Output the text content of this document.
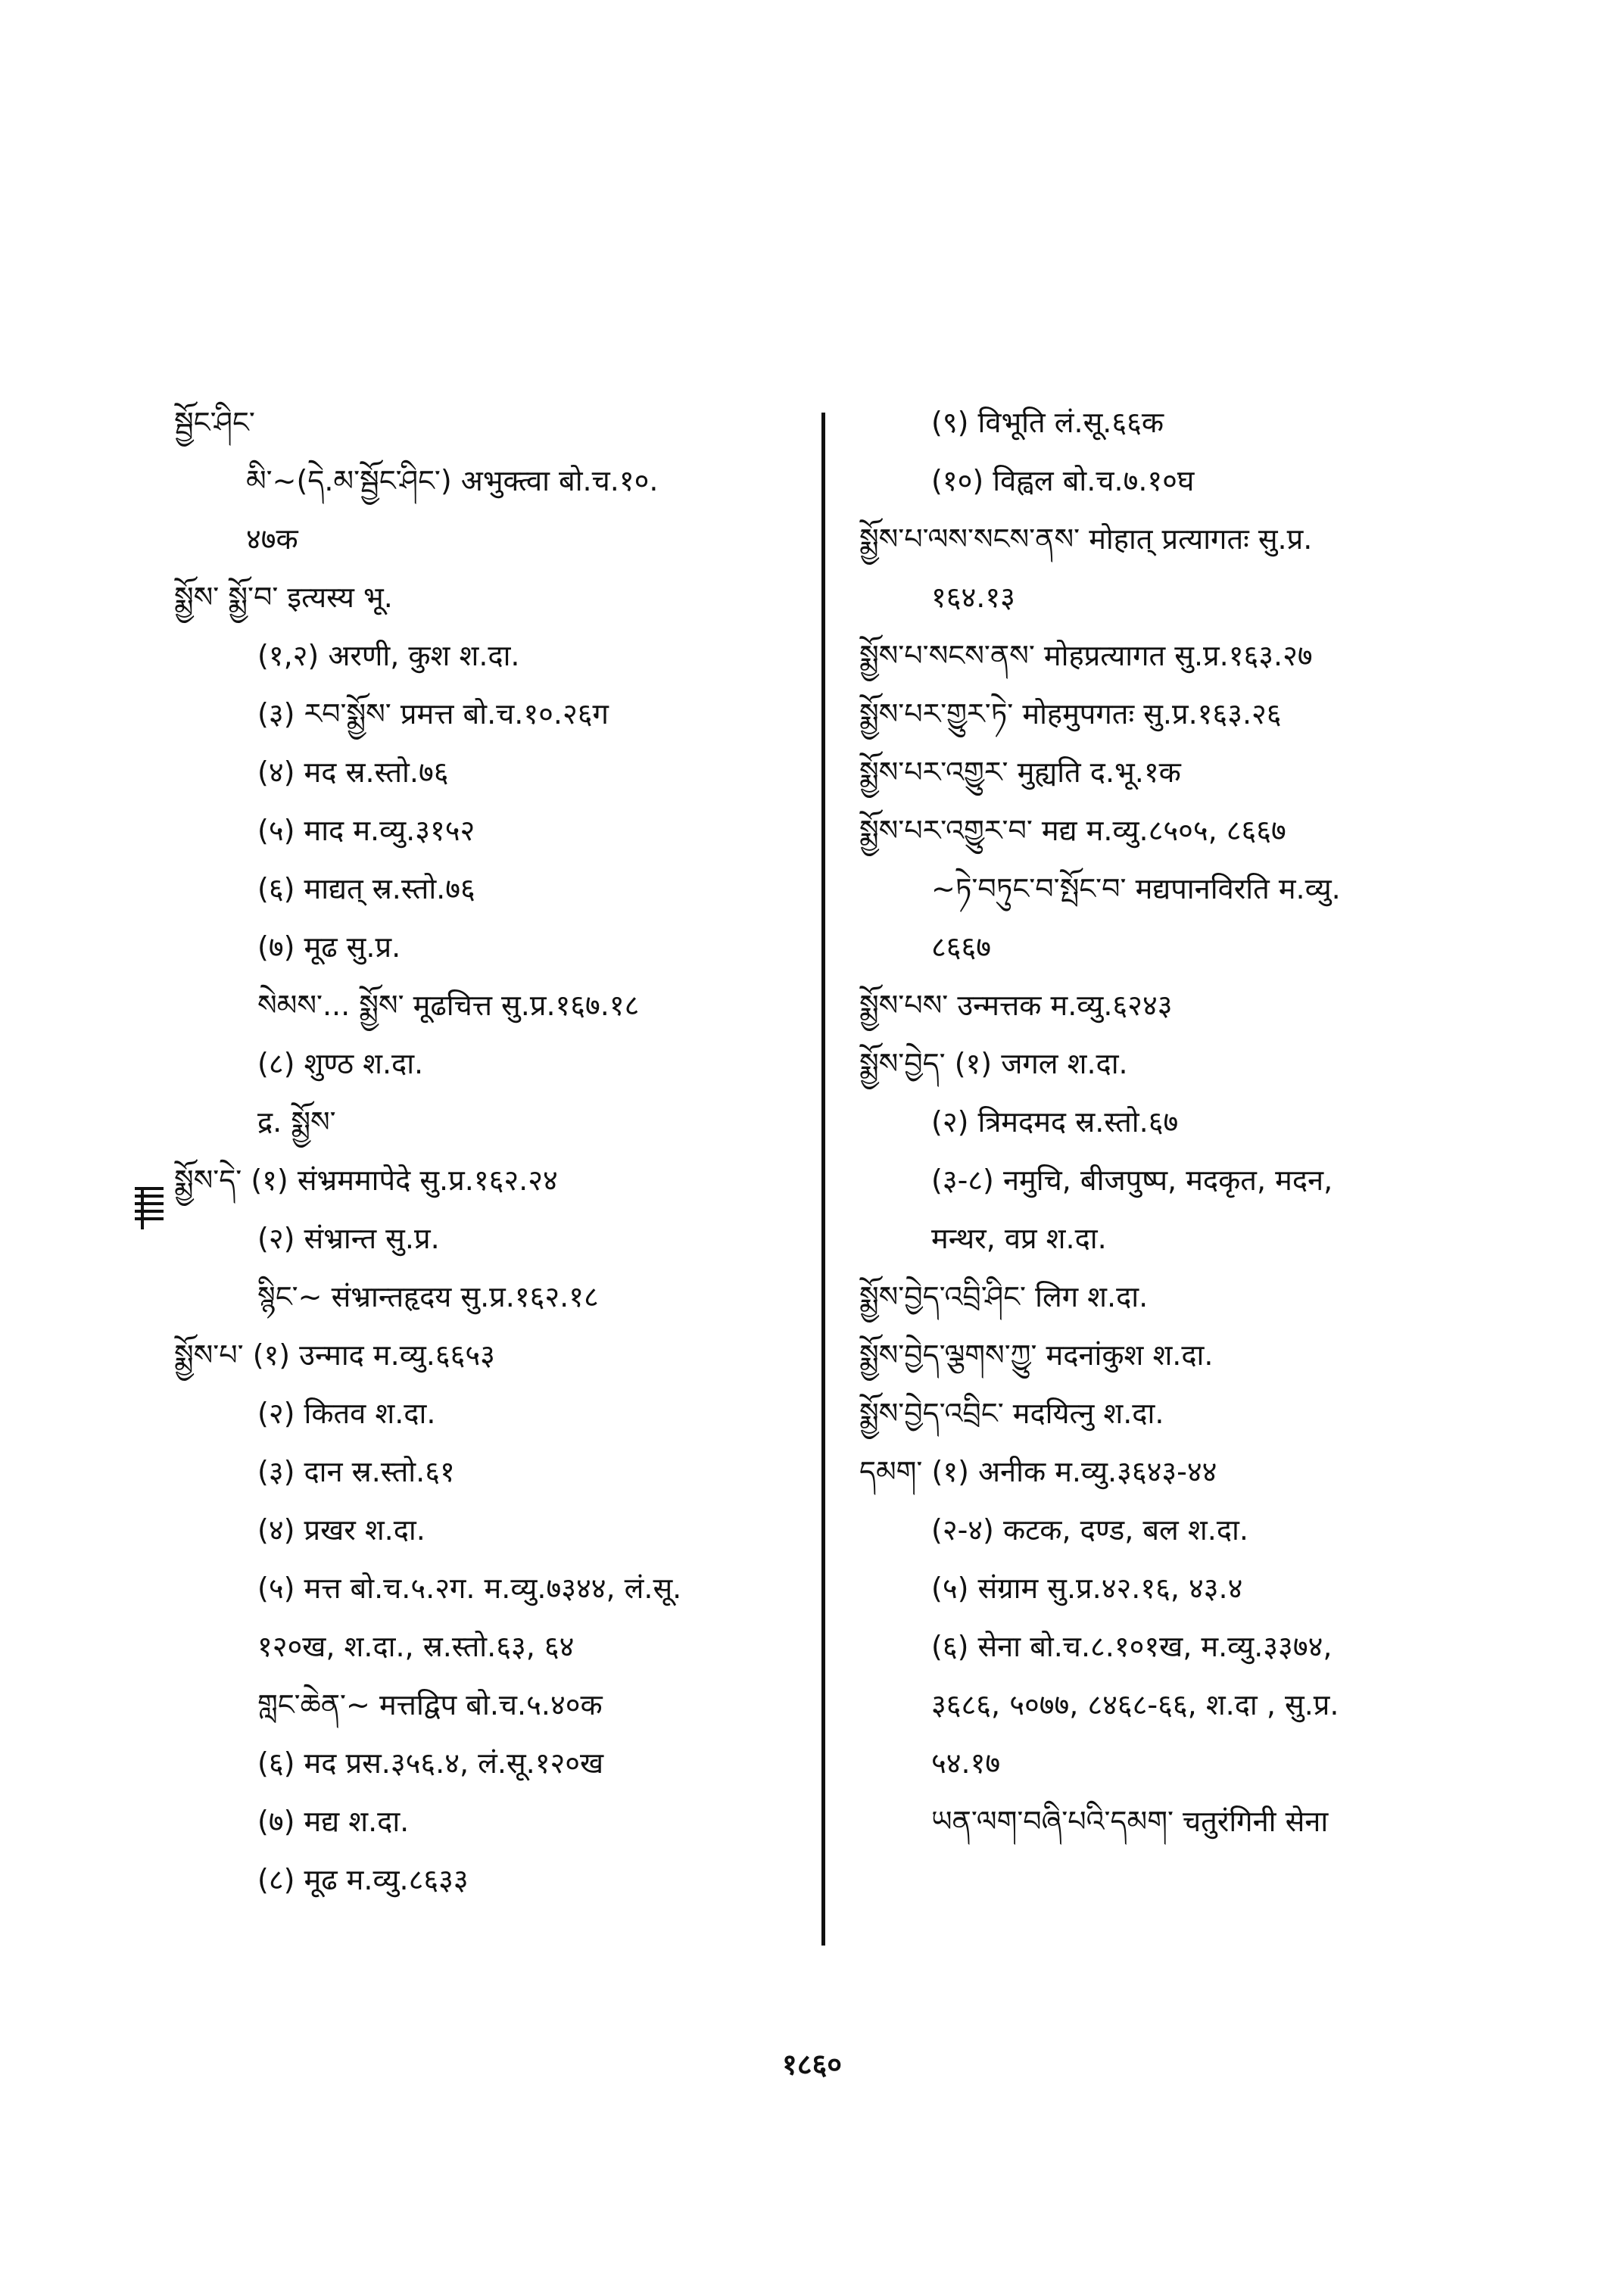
སྦྱོང་ཤིང་
མི་~(དེ.མ་སྦྱོང་ཤིང་) अभुक्त्वा बो.च.१०.
४७क
སྨྱོས་ སྨྱོ་བ་ इत्यस्य भू.
(१,२) अरणी, कुश श.दा.
(३) རབ་སྨྱོས་ प्रमत्त बो.च.१०.२६ग
(४) मद स्र.स्तो.७६
(५) माद म.व्यु.३१५२
(६) माद्यत् स्र.स्तो.७६
(७) मूढ सु.प्र.
སེམས་... སྨྱོས་ मूढचित्त सु.प्र.१६७.१८
(८) शुण्ठ श.दा.
द्र. སྨྱོས་
སྨྱོས་དེ་ (१) संभ्रममापेदे सु.प्र.१६२.२४
(२) संभ्रान्त सु.प्र.
སྙིང་~ संभ्रान्तहृदय सु.प्र.१६२.१८
སྨྱོས་པ་ (१) उन्माद म.व्यु.६६५३
(२) कितव श.दा.
(३) दान स्र.स्तो.६१
(४) प्रखर श.दा.
(५) मत्त बो.च.५.२ग. म.व्यु.७३४४, लं.सू.
१२०ख, श.दा., स्र.स्तो.६३, ६४
གླང་ཆེན་~ मत्तद्विप बो.च.५.४०क
(६) मद प्रस.३५६.४, लं.सू.१२०ख
(७) मद्य श.दा.
(८) मूढ म.व्यु.८६३३
(९) विभूति लं.सू.६६क
(१०) विह्वल बो.च.७.१०घ
སྨྱོས་པ་ལས་སངས་ནས་ मोहात् प्रत्यागतः सु.प्र.
१६४.१३
སྨྱོས་པ་སངས་ནས་ मोहप्रत्यागत सु.प्र.१६३.२७
སྨྱོས་པར་གྱུར་ཏེ་ मोहमुपगतः सु.प्र.१६३.२६
སྨྱོས་པར་འགྱུར་ मुह्यति द.भू.१क
སྨྱོས་པར་འགྱུར་བ་ मद्य म.व्यु.८५०५, ८६६७
~ཏེ་བཏུང་བ་སྤོང་བ་ मद्यपानविरति म.व्यु.
८६६७
སྨྱོས་པས་ उन्मत्तक म.व्यु.६२४३
སྨྱོས་བྱེད་ (१) जगल श.दा.
(२) त्रिमदमद स्र.स्तो.६७
(३-८) नमुचि, बीजपुष्प, मदकृत, मदन,
मन्थर, वप्र श.दा.
སྨྱོས་བྱེད་འབྲི་ཤིང་ लिग श.दा.
སྨྱོས་བྱེད་ལྕགས་ཀྱུ་ मदनांकुश श.दा.
སྨྱོས་བྱེད་འབྲིང་ मदयित्नु श.दा.
དམག་ (१) अनीक म.व्यु.३६४३-४४
(२-४) कटक, दण्ड, बल श.दा.
(५) संग्राम सु.प्र.४२.१६, ४३.४
(६) सेना बो.च.८.१०१ख, म.व्यु.३३७४,
३६८६, ५०७७, ८४६८-६६, श.दा , सु.प्र.
५४.१७
ཡན་ལག་བཞི་པའི་དམག་ चतुरंगिनी सेना
१८६०
